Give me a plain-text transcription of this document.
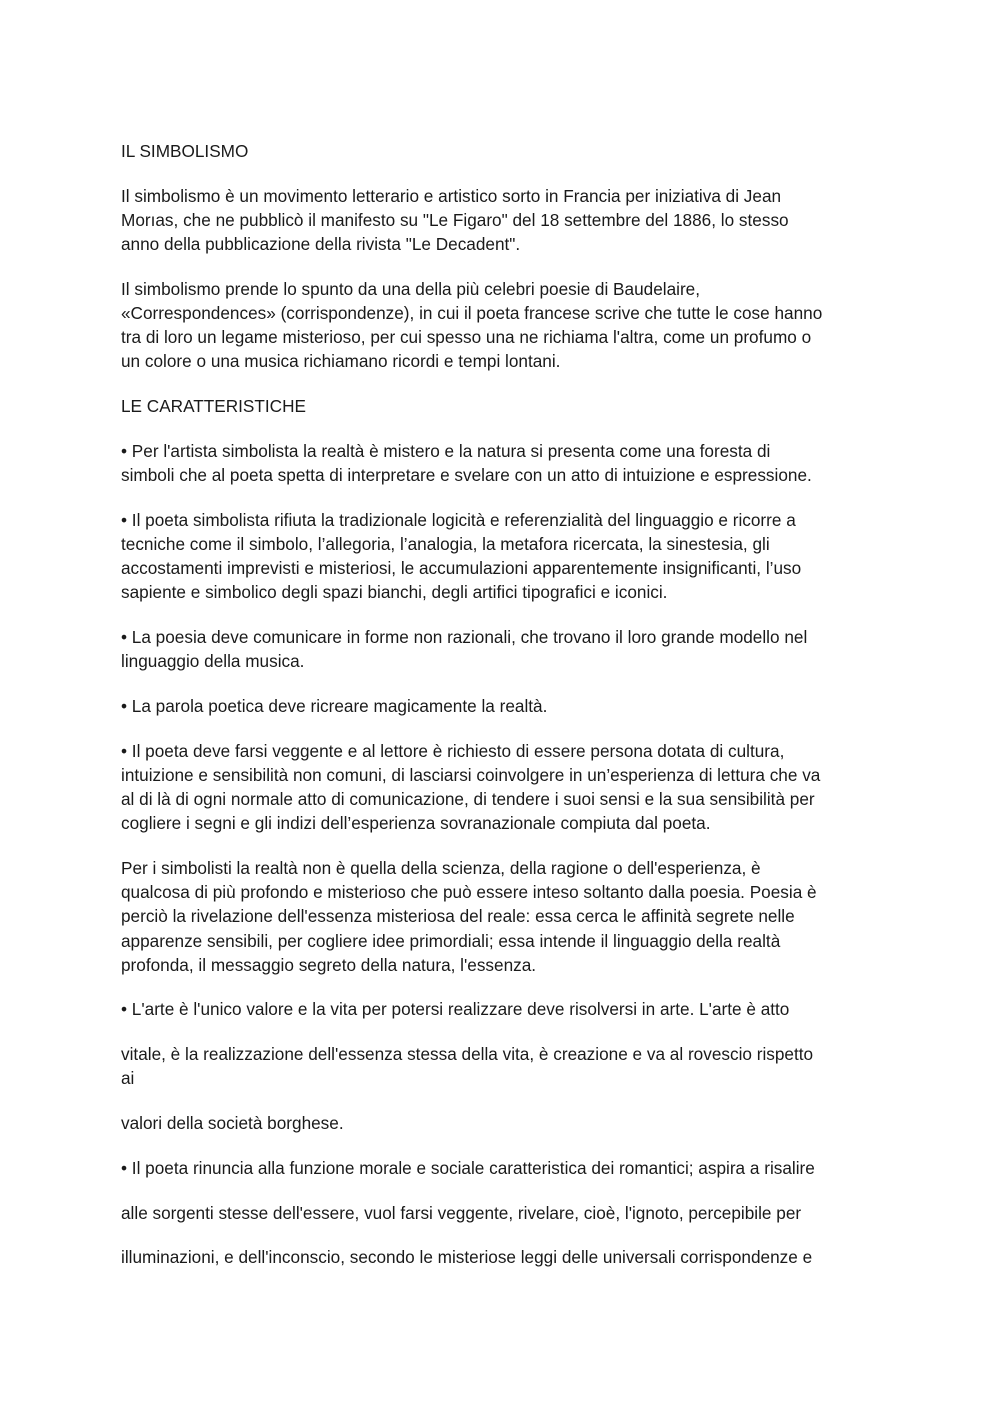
IL SIMBOLISMO
Il simbolismo è un movimento letterario e artistico sorto in Francia per iniziativa di Jean
Morıas, che ne pubblicò il manifesto su "Le Figaro" del 18 settembre del 1886, lo stesso
anno della pubblicazione della rivista "Le Decadent".
Il simbolismo prende lo spunto da una della più celebri poesie di Baudelaire,
«Correspondences» (corrispondenze), in cui il poeta francese scrive che tutte le cose hanno
tra di loro un legame misterioso, per cui spesso una ne richiama l'altra, come un profumo o
un colore o una musica richiamano ricordi e tempi lontani.
LE CARATTERISTICHE
• Per l'artista simbolista la realtà è mistero e la natura si presenta come una foresta di
simboli che al poeta spetta di interpretare e svelare con un atto di intuizione e espressione.
• Il poeta simbolista rifiuta la tradizionale logicità e referenzialità del linguaggio e ricorre a
tecniche come il simbolo, l’allegoria, l’analogia, la metafora ricercata, la sinestesia, gli
accostamenti imprevisti e misteriosi, le accumulazioni apparentemente insignificanti, l’uso
sapiente e simbolico degli spazi bianchi, degli artifici tipografici e iconici.
• La poesia deve comunicare in forme non razionali, che trovano il loro grande modello nel
linguaggio della musica.
• La parola poetica deve ricreare magicamente la realtà.
• Il poeta deve farsi veggente e al lettore è richiesto di essere persona dotata di cultura,
intuizione e sensibilità non comuni, di lasciarsi coinvolgere in un’esperienza di lettura che va
al di là di ogni normale atto di comunicazione, di tendere i suoi sensi e la sua sensibilità per
cogliere i segni e gli indizi dell’esperienza sovranazionale compiuta dal poeta.
Per i simbolisti la realtà non è quella della scienza, della ragione o dell'esperienza, è
qualcosa di più profondo e misterioso che può essere inteso soltanto dalla poesia. Poesia è
perciò la rivelazione dell'essenza misteriosa del reale: essa cerca le affinità segrete nelle
apparenze sensibili, per cogliere idee primordiali; essa intende il linguaggio della realtà
profonda, il messaggio segreto della natura, l'essenza.
• L'arte è l'unico valore e la vita per potersi realizzare deve risolversi in arte. L'arte è atto
vitale, è la realizzazione dell'essenza stessa della vita, è creazione e va al rovescio rispetto
ai
valori della società borghese.
• Il poeta rinuncia alla funzione morale e sociale caratteristica dei romantici; aspira a risalire
alle sorgenti stesse dell'essere, vuol farsi veggente, rivelare, cioè, l'ignoto, percepibile per
illuminazioni, e dell'inconscio, secondo le misteriose leggi delle universali corrispondenze e
